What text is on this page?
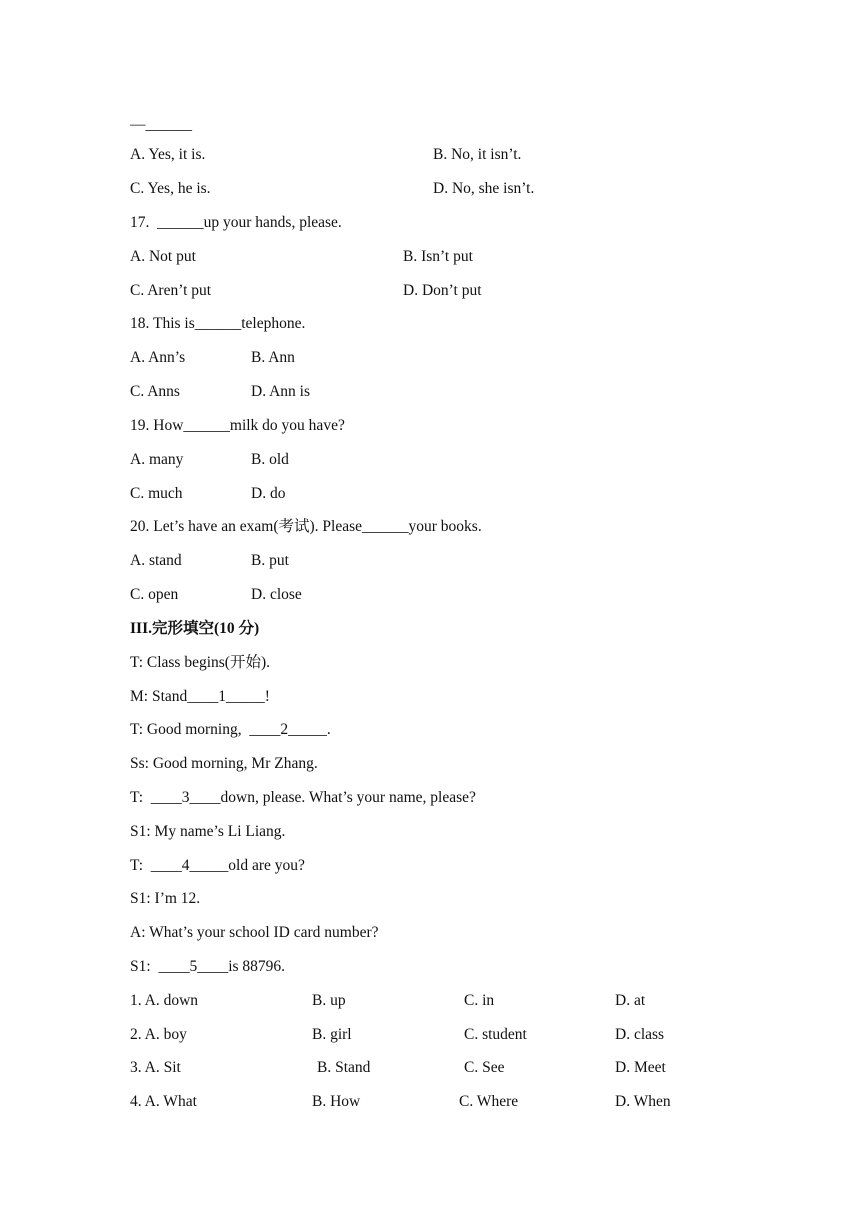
—______
A. Yes, it is.	B. No, it isn’t.
C. Yes, he is.	D. No, she isn’t.
17.  ______up your hands, please.
A. Not put	B. Isn’t put
C. Aren’t put	D. Don’t put
18. This is______telephone.
A. Ann’s	B. Ann
C. Anns	D. Ann is
19. How______milk do you have?
A. many	B. old
C. much	D. do
20. Let’s have an exam(考试). Please______your books.
A. stand	B. put
C. open	D. close
III.完形填空(10 分)
T: Class begins(开始).
M: Stand____1_____!
T: Good morning,  ____2_____.
Ss: Good morning, Mr Zhang.
T:  ____3____down, please. What’s your name, please?
S1: My name’s Li Liang.
T:  ____4_____old are you?
S1: I’m 12.
A: What’s your school ID card number?
S1:  ____5____is 88796.
1. A. down	B. up	C. in	D. at
2. A. boy	B. girl	C. student	D. class
3. A. Sit	B. Stand	C. See	D. Meet
4. A. What	B. How	C. Where	D. When
